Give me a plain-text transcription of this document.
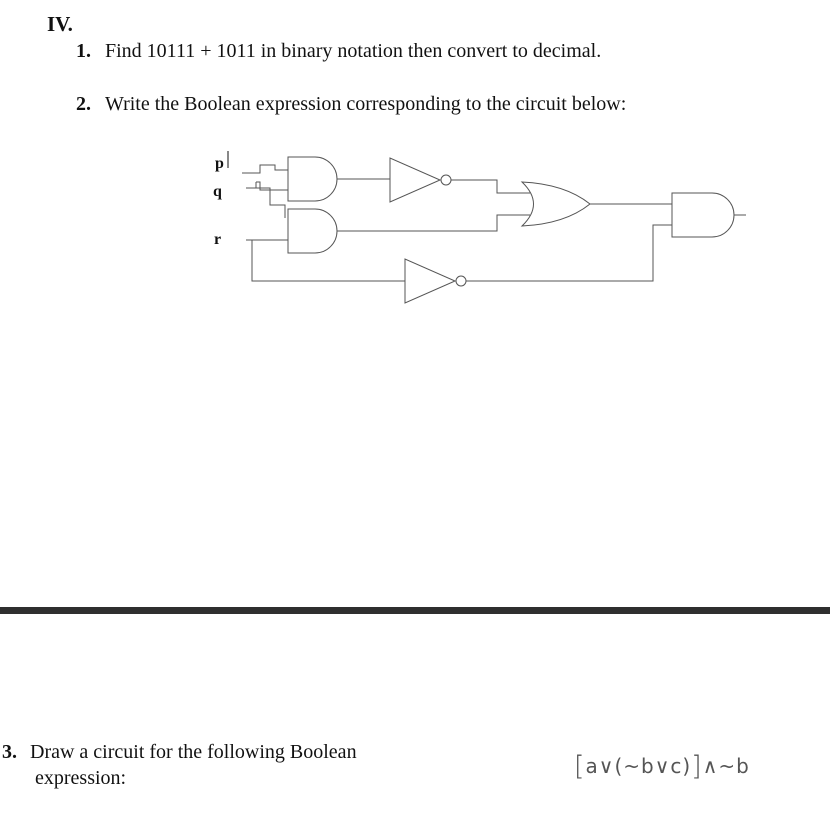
IV.
1. Find 10111 + 1011 in binary notation then convert to decimal.
2. Write the Boolean expression corresponding to the circuit below:
p
q
r
3. Draw a circuit for the following Boolean
expression:	[a∨(~b∨c)]∧~b
